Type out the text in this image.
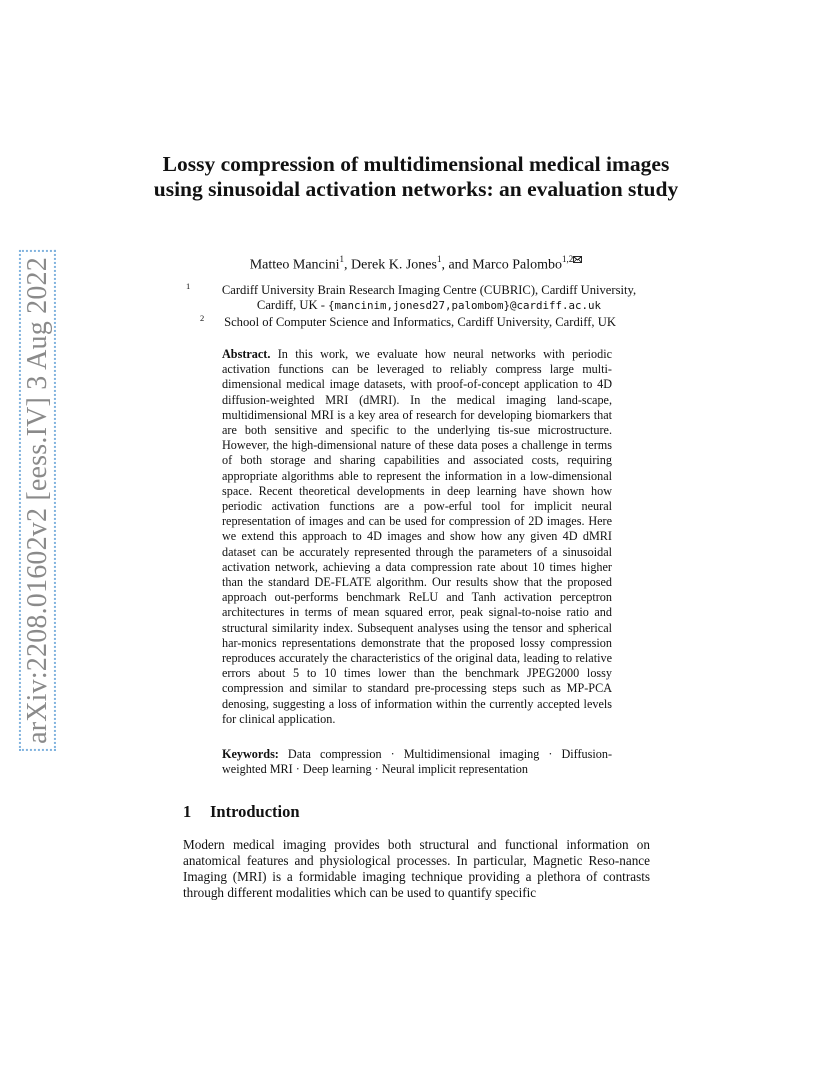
arXiv:2208.01602v2 [eess.IV] 3 Aug 2022
Lossy compression of multidimensional medical images using sinusoidal activation networks: an evaluation study
Matteo Mancini$^1$, Derek K. Jones$^1$, and Marco Palombo$^{1,2}$
1	Cardiff University Brain Research Imaging Centre (CUBRIC), Cardiff University,
Cardiff, UK - {mancinim,jonesd27,palombom}@cardiff.ac.uk
2 School of Computer Science and Informatics, Cardiff University, Cardiff, UK
Abstract. In this work, we evaluate how neural networks with periodic activation functions can be leveraged to reliably compress large multi-dimensional medical image datasets, with proof-of-concept application to 4D diffusion-weighted MRI (dMRI). In the medical imaging land-scape, multidimensional MRI is a key area of research for developing biomarkers that are both sensitive and specific to the underlying tis-sue microstructure. However, the high-dimensional nature of these data poses a challenge in terms of both storage and sharing capabilities and associated costs, requiring appropriate algorithms able to represent the information in a low-dimensional space. Recent theoretical developments in deep learning have shown how periodic activation functions are a pow-erful tool for implicit neural representation of images and can be used for compression of 2D images. Here we extend this approach to 4D images and show how any given 4D dMRI dataset can be accurately represented through the parameters of a sinusoidal activation network, achieving a data compression rate about 10 times higher than the standard DE-FLATE algorithm. Our results show that the proposed approach out-performs benchmark ReLU and Tanh activation perceptron architectures in terms of mean squared error, peak signal-to-noise ratio and structural similarity index. Subsequent analyses using the tensor and spherical har-monics representations demonstrate that the proposed lossy compression reproduces accurately the characteristics of the original data, leading to relative errors about 5 to 10 times lower than the benchmark JPEG2000 lossy compression and similar to standard pre-processing steps such as MP-PCA denosing, suggesting a loss of information within the currently accepted levels for clinical application.
Keywords: Data compression · Multidimensional imaging · Diffusion-weighted MRI · Deep learning · Neural implicit representation
1 Introduction
Modern medical imaging provides both structural and functional information on anatomical features and physiological processes. In particular, Magnetic Reso-nance Imaging (MRI) is a formidable imaging technique providing a plethora of contrasts through different modalities which can be used to quantify specific
